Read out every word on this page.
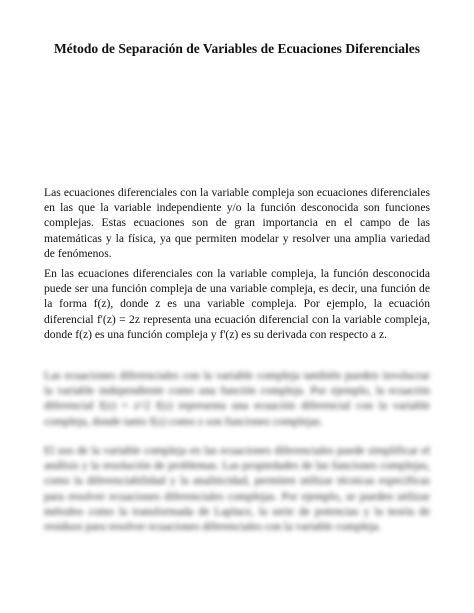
Método de Separación de Variables de Ecuaciones Diferenciales

Las ecuaciones diferenciales con la variable compleja son ecuaciones diferenciales en las que la variable independiente y/o la función desconocida son funciones complejas. Estas ecuaciones son de gran importancia en el campo de las matemáticas y la física, ya que permiten modelar y resolver una amplia variedad de fenómenos.

En las ecuaciones diferenciales con la variable compleja, la función desconocida puede ser una función compleja de una variable compleja, es decir, una función de la forma f(z), donde z es una variable compleja. Por ejemplo, la ecuación diferencial f'(z) = 2z representa una ecuación diferencial con la variable compleja, donde f(z) es una función compleja y f'(z) es su derivada con respecto a z.

Las ecuaciones diferenciales con la variable compleja también pueden involucrar la variable independiente como una función compleja. Por ejemplo, la ecuación diferencial f(z) = z^2 f(z) representa una ecuación diferencial con la variable compleja, donde tanto f(z) como z son funciones complejas.

El uso de la variable compleja en las ecuaciones diferenciales puede simplificar el análisis y la resolución de problemas. Las propiedades de las funciones complejas, como la diferenciabilidad y la analiticidad, permiten utilizar técnicas específicas para resolver ecuaciones diferenciales complejas. Por ejemplo, se pueden utilizar métodos como la transformada de Laplace, la serie de potencias y la teoría de residuos para resolver ecuaciones diferenciales con la variable compleja.
